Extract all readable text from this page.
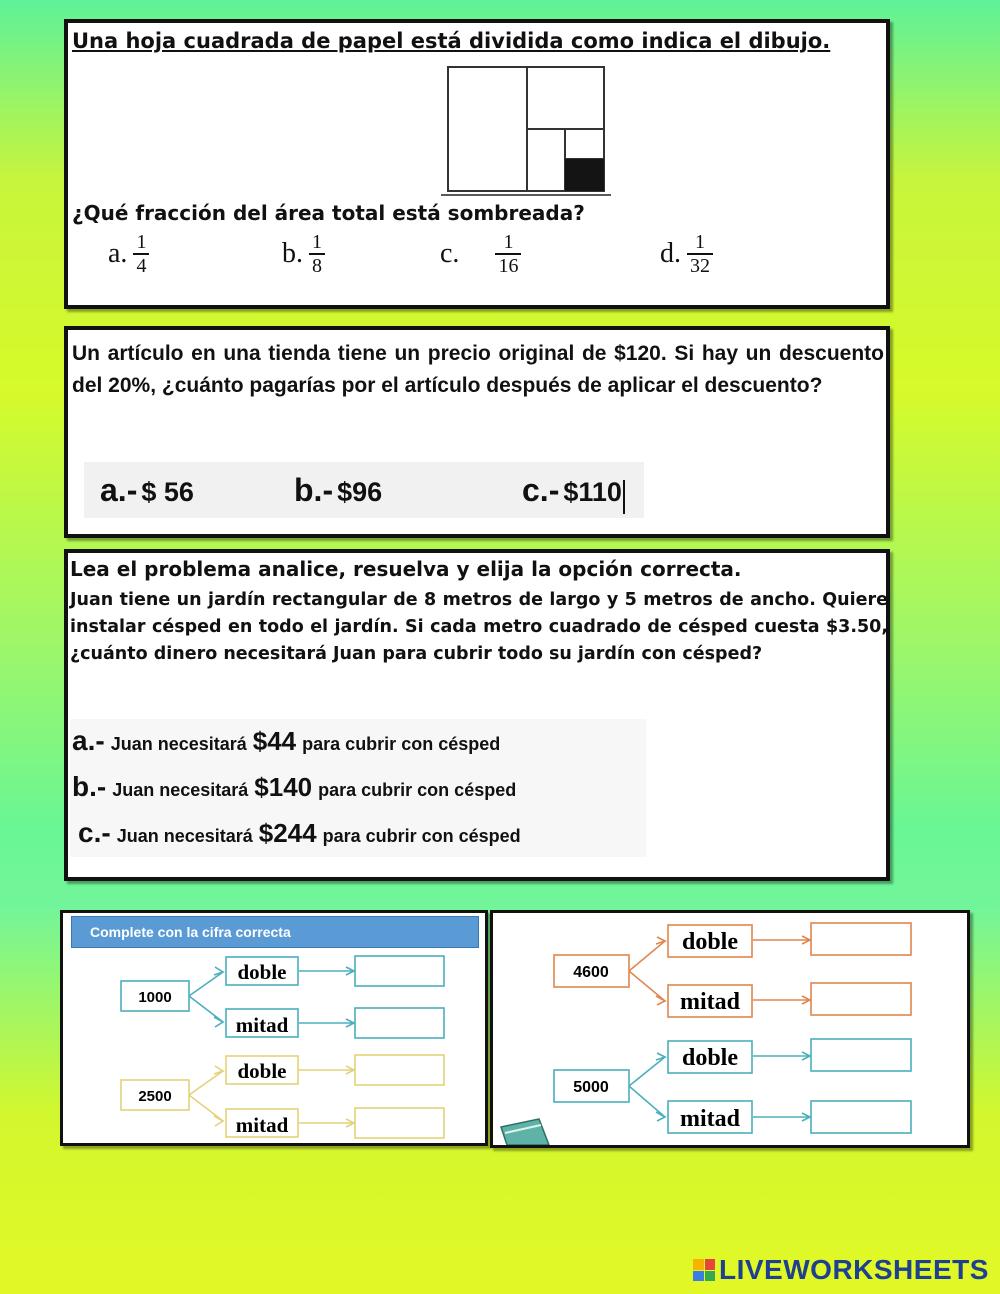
Una hoja cuadrada de papel está dividida como indica el dibujo.
¿Qué fracción del área total está sombreada?
a. $\frac{1}{4}$	b. $\frac{1}{8}$	c. $\frac{1}{16}$	d. $\frac{1}{32}$
Un artículo en una tienda tiene un precio original de $120. Si hay un descuento del 20%, ¿cuánto pagarías por el artículo después de aplicar el descuento?
a.- $ 56	b.- $96	c.- $110
Lea el problema analice, resuelva y elija la opción correcta.
Juan tiene un jardín rectangular de 8 metros de largo y 5 metros de ancho. Quiere instalar césped en todo el jardín. Si cada metro cuadrado de césped cuesta $3.50, ¿cuánto dinero necesitará Juan para cubrir todo su jardín con césped?
a.- Juan necesitará $44 para cubrir con césped
b.- Juan necesitará $140 para cubrir con césped
c.- Juan necesitará $244 para cubrir con césped
Complete con la cifra correcta
1000
doble
mitad
2500
doble
mitad
4600
doble
mitad
5000
doble
mitad
LIVEWORKSHEETS
